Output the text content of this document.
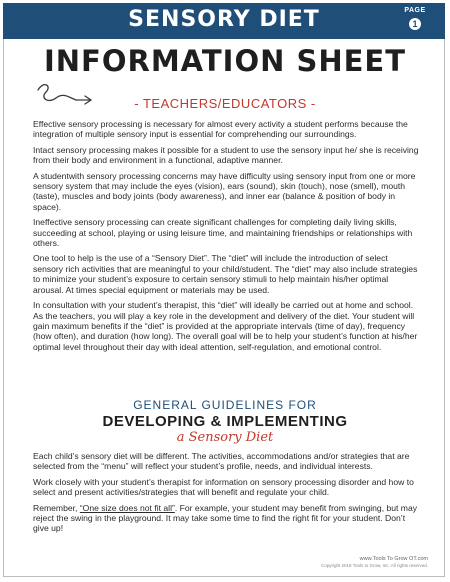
SENSORY DIET	PAGE
1
INFORMATION SHEET
- TEACHERS/EDUCATORS -

Effective sensory processing is necessary for almost every activity a student performs because the integration of multiple sensory input is essential for comprehending our surroundings.

Intact sensory processing makes it possible for a student to use the sensory input he/ she is receiving from their body and environment in a functional, adaptive manner.

A studentwith sensory processing concerns may have difficulty using sensory input from one or more sensory system that may include the eyes (vision), ears (sound), skin (touch), nose (smell), mouth (taste), muscles and body joints (body awareness), and inner ear (balance & position of body in space).

Ineffective sensory processing can create significant challenges for completing daily living skills, succeeding at school, playing or using leisure time, and maintaining friendships or relationships with others.

One tool to help is the use of a “Sensory Diet”. The “diet” will include the introduction of select sensory rich activities that are meaningful to your child/student. The “diet” may also include strategies to minimize your student’s exposure to certain sensory stimuli to help maintain his/her optimal arousal. At times special equipment or materials may be used.

In consultation with your student’s therapist, this “diet” will ideally be carried out at home and school. As the teachers, you will play a key role in the development and delivery of the diet. Your student will gain maximum benefits if the “diet” is provided at the appropriate intervals (time of day), frequency (how often), and duration (how long). The overall goal will be to help your student’s function at his/her optimal level throughout their day with ideal attention, self-regulation, and emotional control.

GENERAL GUIDELINES FOR
DEVELOPING & IMPLEMENTING
a Sensory Diet

Each child’s sensory diet will be different. The activities, accommodations and/or strategies that are selected from the “menu” will reflect your student’s profile, needs, and individual interests.

Work closely with your student’s therapist for information on sensory processing disorder and how to select and present activities/strategies that will benefit and regulate your child.

Remember, “One size does not fit all”. For example, your student may benefit from swinging, but may reject the swing in the playground. It may take some time to find the right fit for your student. Don’t give up!

www.Tools To Grow OT.com
Copyright 2018 Tools to Grow, Inc. All rights reserved.
